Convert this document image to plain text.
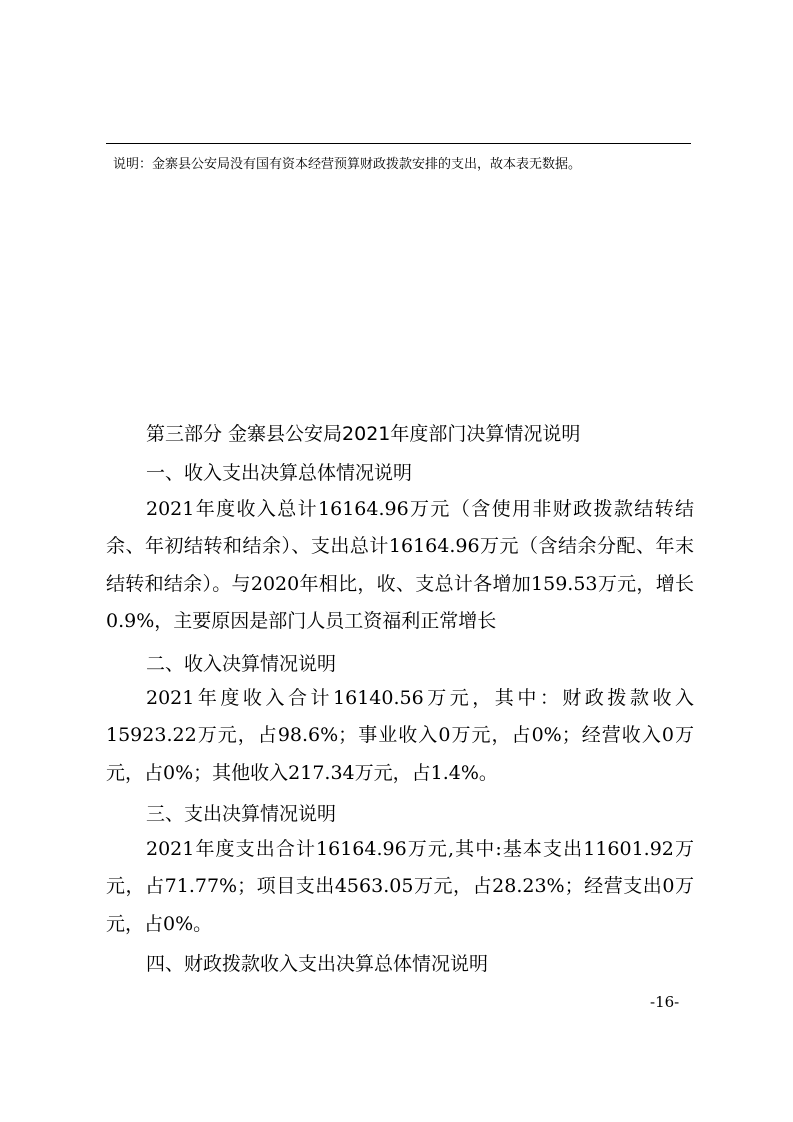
说明：金寨县公安局没有国有资本经营预算财政拨款安排的支出，故本表无数据。
第三部分 金寨县公安局2021年度部门决算情况说明
一、收入支出决算总体情况说明
2021年度收入总计16164.96万元（含使用非财政拨款结转结余、年初结转和结余）、支出总计16164.96万元（含结余分配、年末结转和结余）。与2020年相比，收、支总计各增加159.53万元，增长0.9%，主要原因是部门人员工资福利正常增长
二、收入决算情况说明
2021年度收入合计16140.56万元，其中：财政拨款收入15923.22万元，占98.6%；事业收入0万元，占0%；经营收入0万元，占0%；其他收入217.34万元，占1.4%。
三、支出决算情况说明
2021年度支出合计16164.96万元,其中:基本支出11601.92万元，占71.77%；项目支出4563.05万元，占28.23%；经营支出0万元，占0%。
四、财政拨款收入支出决算总体情况说明
-16-
